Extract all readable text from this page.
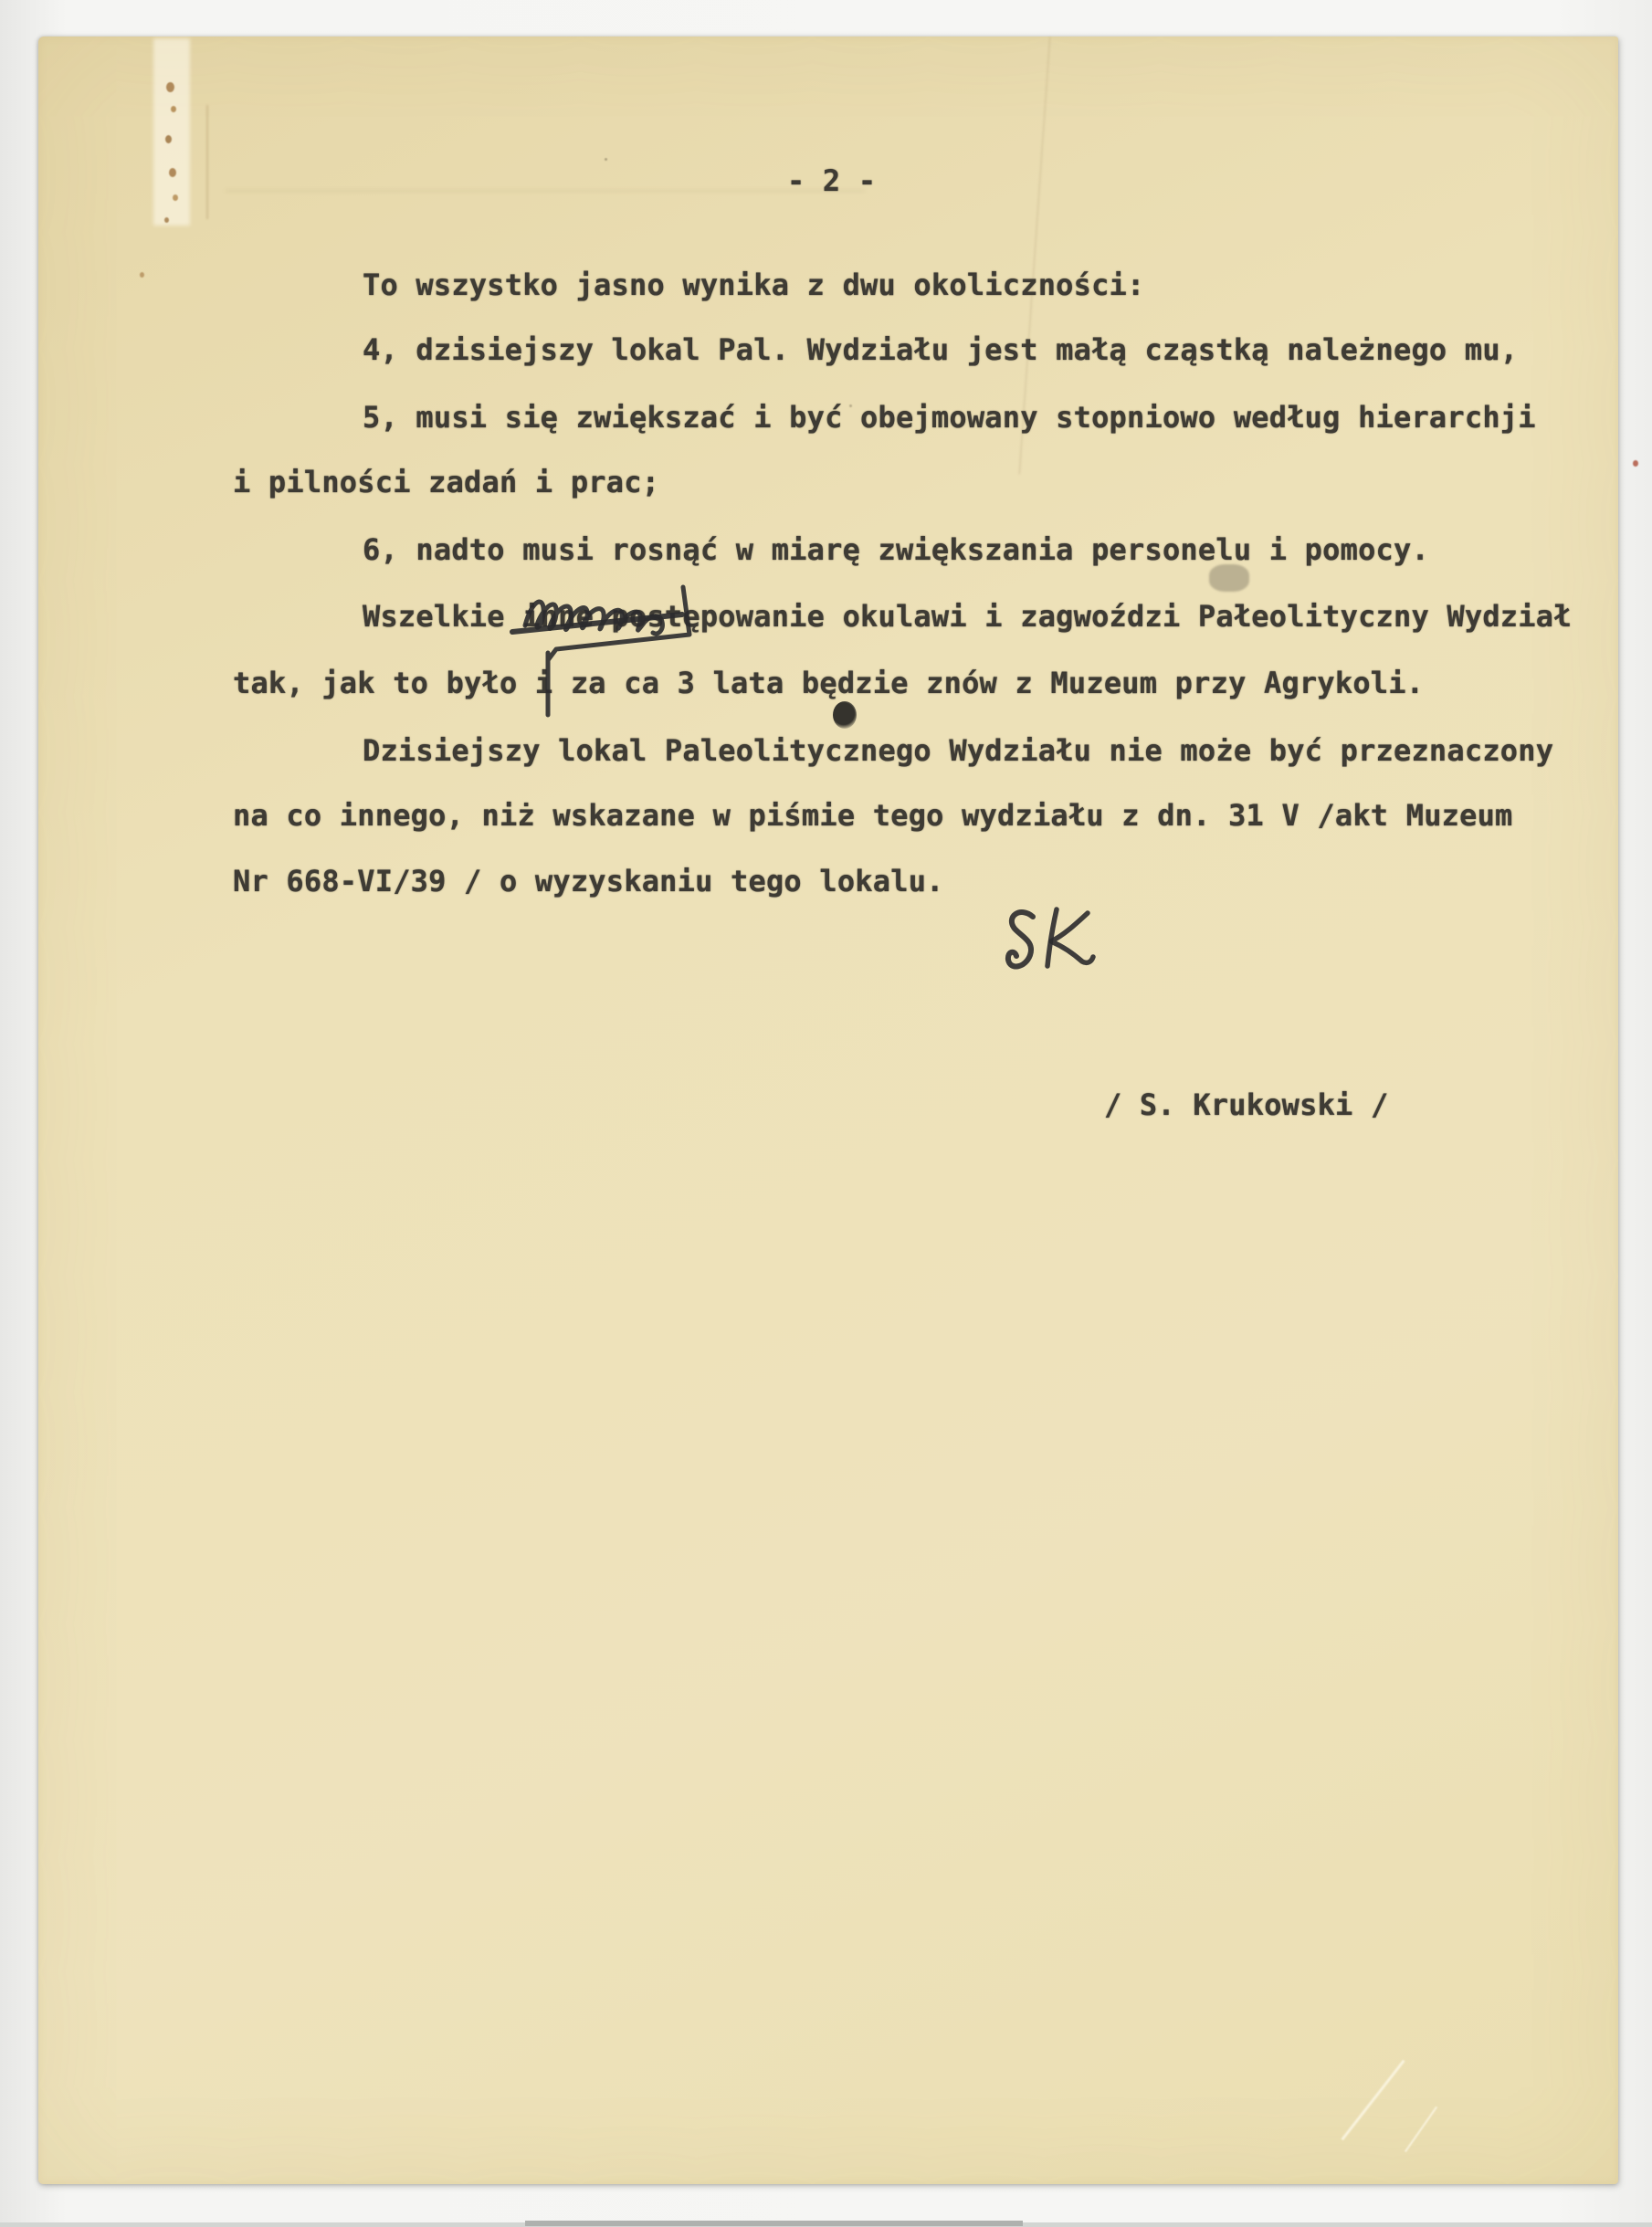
- 2 -
To wszystko jasno wynika z dwu okoliczności:
4, dzisiejszy lokal Pal. Wydziału jest małą cząstką należnego mu,
5, musi się zwiększać i być obejmowany stopniowo według hierarchji
i pilności zadań i prac;
6, nadto musi rosnąć w miarę zwiększania personelu i pomocy.
Wszelkie inne postępowanie okulawi i zagwoździ Pałeolityczny Wydział
tak, jak to było i za ca 3 lata będzie znów z Muzeum przy Agrykoli.
Dzisiejszy lokal Paleolitycznego Wydziału nie może być przeznaczony
na co innego, niż wskazane w piśmie tego wydziału z dn. 31 V /akt Muzeum
Nr 668-VI/39 / o wyzyskaniu tego lokalu.
/ S. Krukowski /
